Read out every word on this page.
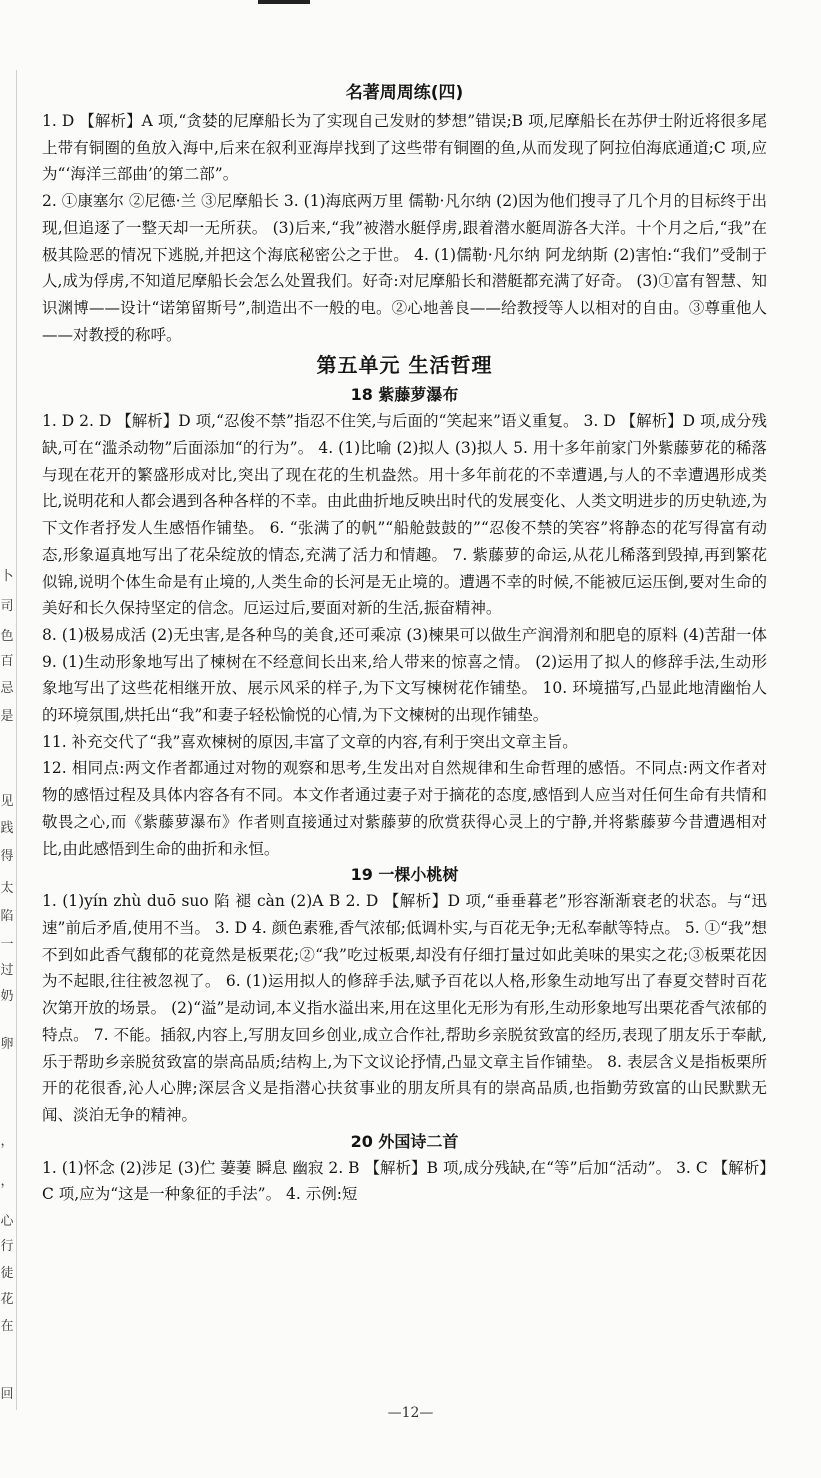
卜
司
色
百
忌
是
见
践
得
太
陷
一
过
奶
卵
，
，
心
行
徒
花
在
回
名著周周练(四)

1. D 【解析】A 项,“贪婪的尼摩船长为了实现自己发财的梦想”错误;B 项,尼摩船长在苏伊士附近将很多尾上带有铜圈的鱼放入海中,后来在叙利亚海岸找到了这些带有铜圈的鱼,从而发现了阿拉伯海底通道;C 项,应为“‘海洋三部曲’的第二部”。

2. ①康塞尔 ②尼德·兰 ③尼摩船长 3. (1)海底两万里 儒勒·凡尔纳 (2)因为他们搜寻了几个月的目标终于出现,但追逐了一整天却一无所获。 (3)后来,“我”被潜水艇俘虏,跟着潜水艇周游各大洋。十个月之后,“我”在极其险恶的情况下逃脱,并把这个海底秘密公之于世。 4. (1)儒勒·凡尔纳 阿龙纳斯 (2)害怕:“我们”受制于人,成为俘虏,不知道尼摩船长会怎么处置我们。好奇:对尼摩船长和潜艇都充满了好奇。 (3)①富有智慧、知识渊博——设计“诺第留斯号”,制造出不一般的电。②心地善良——给教授等人以相对的自由。③尊重他人——对教授的称呼。

第五单元 生活哲理
18 紫藤萝瀑布

1. D 2. D 【解析】D 项,“忍俊不禁”指忍不住笑,与后面的“笑起来”语义重复。 3. D 【解析】D 项,成分残缺,可在“滥杀动物”后面添加“的行为”。 4. (1)比喻 (2)拟人 (3)拟人 5. 用十多年前家门外紫藤萝花的稀落与现在花开的繁盛形成对比,突出了现在花的生机盎然。用十多年前花的不幸遭遇,与人的不幸遭遇形成类比,说明花和人都会遇到各种各样的不幸。由此曲折地反映出时代的发展变化、人类文明进步的历史轨迹,为下文作者抒发人生感悟作铺垫。 6. “张满了的帆”“船舱鼓鼓的”“忍俊不禁的笑容”将静态的花写得富有动态,形象逼真地写出了花朵绽放的情态,充满了活力和情趣。 7. 紫藤萝的命运,从花儿稀落到毁掉,再到繁花似锦,说明个体生命是有止境的,人类生命的长河是无止境的。遭遇不幸的时候,不能被厄运压倒,要对生命的美好和长久保持坚定的信念。厄运过后,要面对新的生活,振奋精神。

8. (1)极易成活 (2)无虫害,是各种鸟的美食,还可乘凉 (3)楝果可以做生产润滑剂和肥皂的原料 (4)苦甜一体 9. (1)生动形象地写出了楝树在不经意间长出来,给人带来的惊喜之情。 (2)运用了拟人的修辞手法,生动形象地写出了这些花相继开放、展示风采的样子,为下文写楝树花作铺垫。 10. 环境描写,凸显此地清幽怡人的环境氛围,烘托出“我”和妻子轻松愉悦的心情,为下文楝树的出现作铺垫。

11. 补充交代了“我”喜欢楝树的原因,丰富了文章的内容,有利于突出文章主旨。

12. 相同点:两文作者都通过对物的观察和思考,生发出对自然规律和生命哲理的感悟。不同点:两文作者对物的感悟过程及具体内容各有不同。本文作者通过妻子对于摘花的态度,感悟到人应当对任何生命有共情和敬畏之心,而《紫藤萝瀑布》作者则直接通过对紫藤萝的欣赏获得心灵上的宁静,并将紫藤萝今昔遭遇相对比,由此感悟到生命的曲折和永恒。

19 一棵小桃树

1. (1)yín zhù duō suo 陷 褪 càn (2)A B 2. D 【解析】D 项,“垂垂暮老”形容渐渐衰老的状态。与“迅速”前后矛盾,使用不当。 3. D 4. 颜色素雅,香气浓郁;低调朴实,与百花无争;无私奉献等特点。 5. ①“我”想不到如此香气馥郁的花竟然是板栗花;②“我”吃过板栗,却没有仔细打量过如此美味的果实之花;③板栗花因为不起眼,往往被忽视了。 6. (1)运用拟人的修辞手法,赋予百花以人格,形象生动地写出了春夏交替时百花次第开放的场景。 (2)“溢”是动词,本义指水溢出来,用在这里化无形为有形,生动形象地写出栗花香气浓郁的特点。 7. 不能。插叙,内容上,写朋友回乡创业,成立合作社,帮助乡亲脱贫致富的经历,表现了朋友乐于奉献,乐于帮助乡亲脱贫致富的崇高品质;结构上,为下文议论抒情,凸显文章主旨作铺垫。 8. 表层含义是指板栗所开的花很香,沁人心脾;深层含义是指潜心扶贫事业的朋友所具有的崇高品质,也指勤劳致富的山民默默无闻、淡泊无争的精神。

20 外国诗二首

1. (1)怀念 (2)涉足 (3)伫 萋萋 瞬息 幽寂 2. B 【解析】B 项,成分残缺,在“等”后加“活动”。 3. C 【解析】C 项,应为“这是一种象征的手法”。 4. 示例:短

—12—
